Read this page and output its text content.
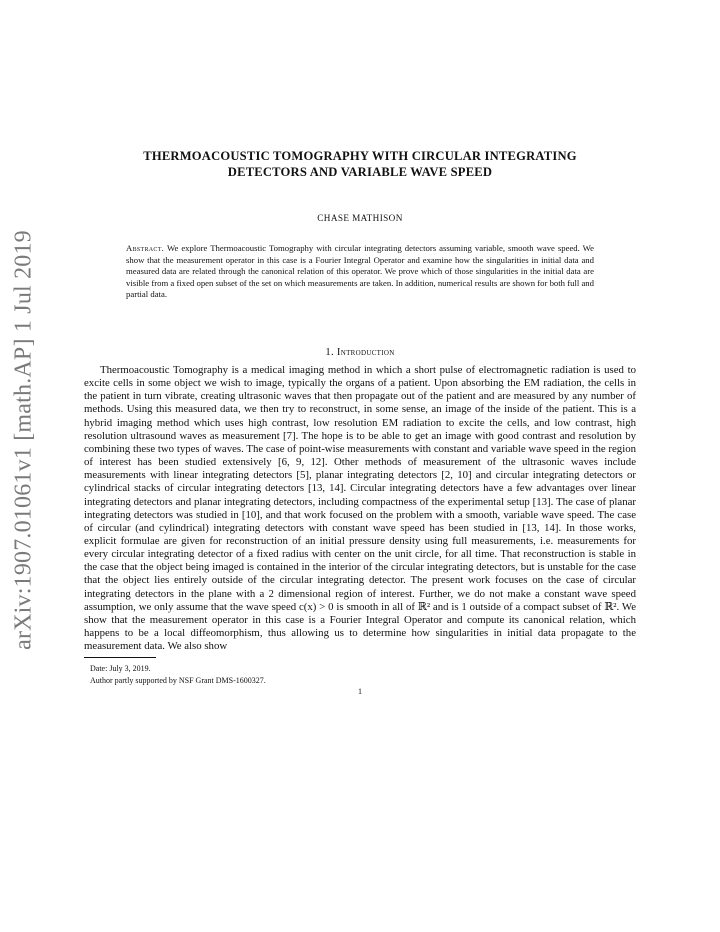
arXiv:1907.01061v1 [math.AP] 1 Jul 2019
THERMOACOUSTIC TOMOGRAPHY WITH CIRCULAR INTEGRATING
DETECTORS AND VARIABLE WAVE SPEED
CHASE MATHISON
Abstract. We explore Thermoacoustic Tomography with circular integrating detectors assuming variable, smooth wave speed. We show that the measurement operator in this case is a Fourier Integral Operator and examine how the singularities in initial data and measured data are related through the canonical relation of this operator. We prove which of those singularities in the initial data are visible from a fixed open subset of the set on which measurements are taken. In addition, numerical results are shown for both full and partial data.
1. Introduction

Thermoacoustic Tomography is a medical imaging method in which a short pulse of electromagnetic radiation is used to excite cells in some object we wish to image, typically the organs of a patient. Upon absorbing the EM radiation, the cells in the patient in turn vibrate, creating ultrasonic waves that then propagate out of the patient and are measured by any number of methods. Using this measured data, we then try to reconstruct, in some sense, an image of the inside of the patient. This is a hybrid imaging method which uses high contrast, low resolution EM radiation to excite the cells, and low contrast, high resolution ultrasound waves as measurement [7]. The hope is to be able to get an image with good contrast and resolution by combining these two types of waves. The case of point-wise measurements with constant and variable wave speed in the region of interest has been studied extensively [6, 9, 12]. Other methods of measurement of the ultrasonic waves include measurements with linear integrating detectors [5], planar integrating detectors [2, 10] and circular integrating detectors or cylindrical stacks of circular integrating detectors [13, 14]. Circular integrating detectors have a few advantages over linear integrating detectors and planar integrating detectors, including compactness of the experimental setup [13]. The case of planar integrating detectors was studied in [10], and that work focused on the problem with a smooth, variable wave speed. The case of circular (and cylindrical) integrating detectors with constant wave speed has been studied in [13, 14]. In those works, explicit formulae are given for reconstruction of an initial pressure density using full measurements, i.e. measurements for every circular integrating detector of a fixed radius with center on the unit circle, for all time. That reconstruction is stable in the case that the object being imaged is contained in the interior of the circular integrating detectors, but is unstable for the case that the object lies entirely outside of the circular integrating detector. The present work focuses on the case of circular integrating detectors in the plane with a 2 dimensional region of interest. Further, we do not make a constant wave speed assumption, we only assume that the wave speed c(x) > 0 is smooth in all of ℝ² and is 1 outside of a compact subset of ℝ². We show that the measurement operator in this case is a Fourier Integral Operator and compute its canonical relation, which happens to be a local diffeomorphism, thus allowing us to determine how singularities in initial data propagate to the measurement data. We also show

Date: July 3, 2019.
Author partly supported by NSF Grant DMS-1600327.
1
